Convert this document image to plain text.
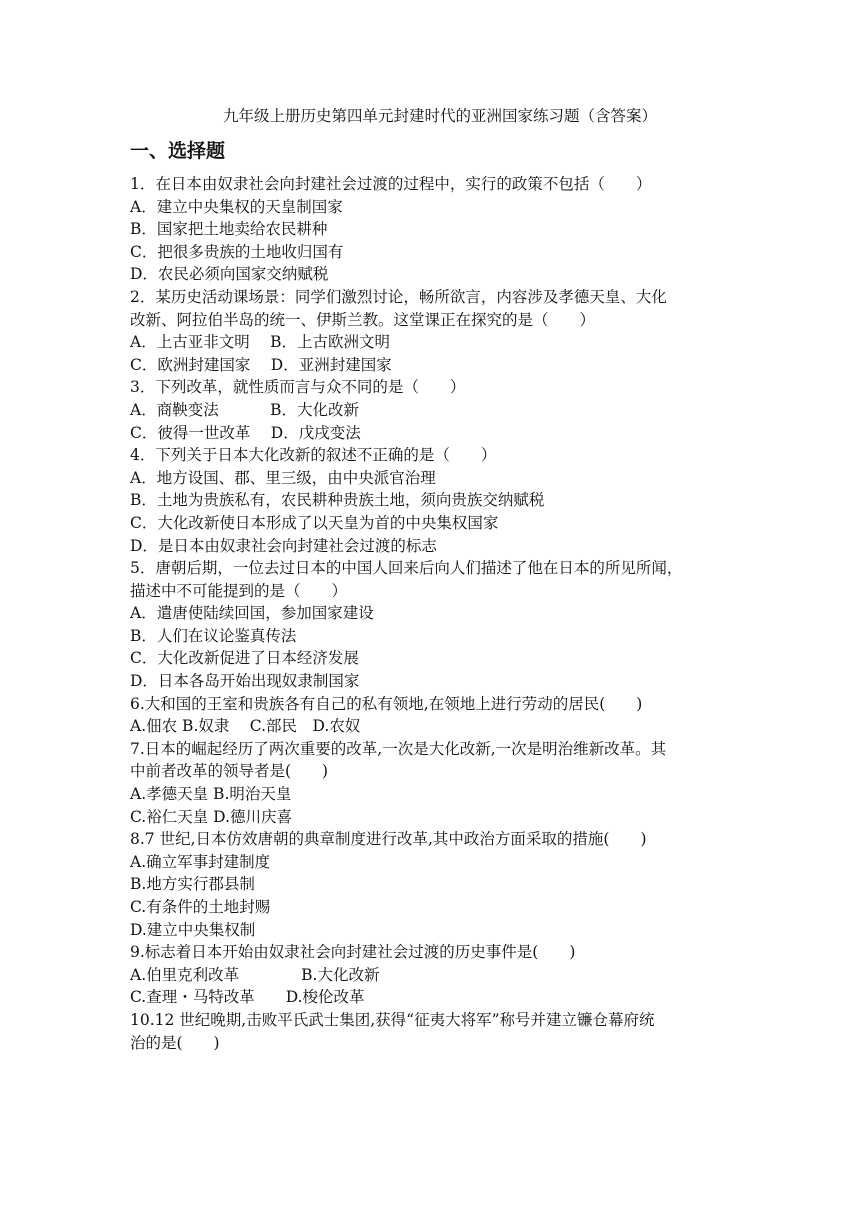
九年级上册历史第四单元封建时代的亚洲国家练习题（含答案）
一、选择题
1．在日本由奴隶社会向封建社会过渡的过程中，实行的政策不包括（　　）
A．建立中央集权的天皇制国家
B．国家把土地卖给农民耕种
C．把很多贵族的土地收归国有
D．农民必须向国家交纳赋税
2．某历史活动课场景：同学们激烈讨论，畅所欲言，内容涉及孝德天皇、大化
改新、阿拉伯半岛的统一、伊斯兰教。这堂课正在探究的是（　　）
A．上古亚非文明　 B．上古欧洲文明
C．欧洲封建国家　 D．亚洲封建国家
3．下列改革，就性质而言与众不同的是（　　）
A．商鞅变法　　　 B．大化改新
C．彼得一世改革　 D．戊戌变法
4．下列关于日本大化改新的叙述不正确的是（　　）
A．地方设国、郡、里三级，由中央派官治理
B．土地为贵族私有，农民耕种贵族土地，须向贵族交纳赋税
C．大化改新使日本形成了以天皇为首的中央集权国家
D．是日本由奴隶社会向封建社会过渡的标志
5．唐朝后期，一位去过日本的中国人回来后向人们描述了他在日本的所见所闻，
描述中不可能提到的是（　　）
A．遣唐使陆续回国，参加国家建设
B．人们在议论鉴真传法
C．大化改新促进了日本经济发展
D．日本各岛开始出现奴隶制国家
6.大和国的王室和贵族各有自己的私有领地,在领地上进行劳动的居民(　　)
A.佃农 B.奴隶　 C.部民　D.农奴
7.日本的崛起经历了两次重要的改革,一次是大化改新,一次是明治维新改革。其
中前者改革的领导者是(　　)
A.孝德天皇 B.明治天皇
C.裕仁天皇 D.德川庆喜
8.7 世纪,日本仿效唐朝的典章制度进行改革,其中政治方面采取的措施(　　)
A.确立军事封建制度
B.地方实行郡县制
C.有条件的土地封赐
D.建立中央集权制
9.标志着日本开始由奴隶社会向封建社会过渡的历史事件是(　　)
A.伯里克利改革　　　　B.大化改新
C.查理・马特改革　　D.梭伦改革
10.12 世纪晚期,击败平氏武士集团,获得“征夷大将军”称号并建立镰仓幕府统
治的是(　　)
